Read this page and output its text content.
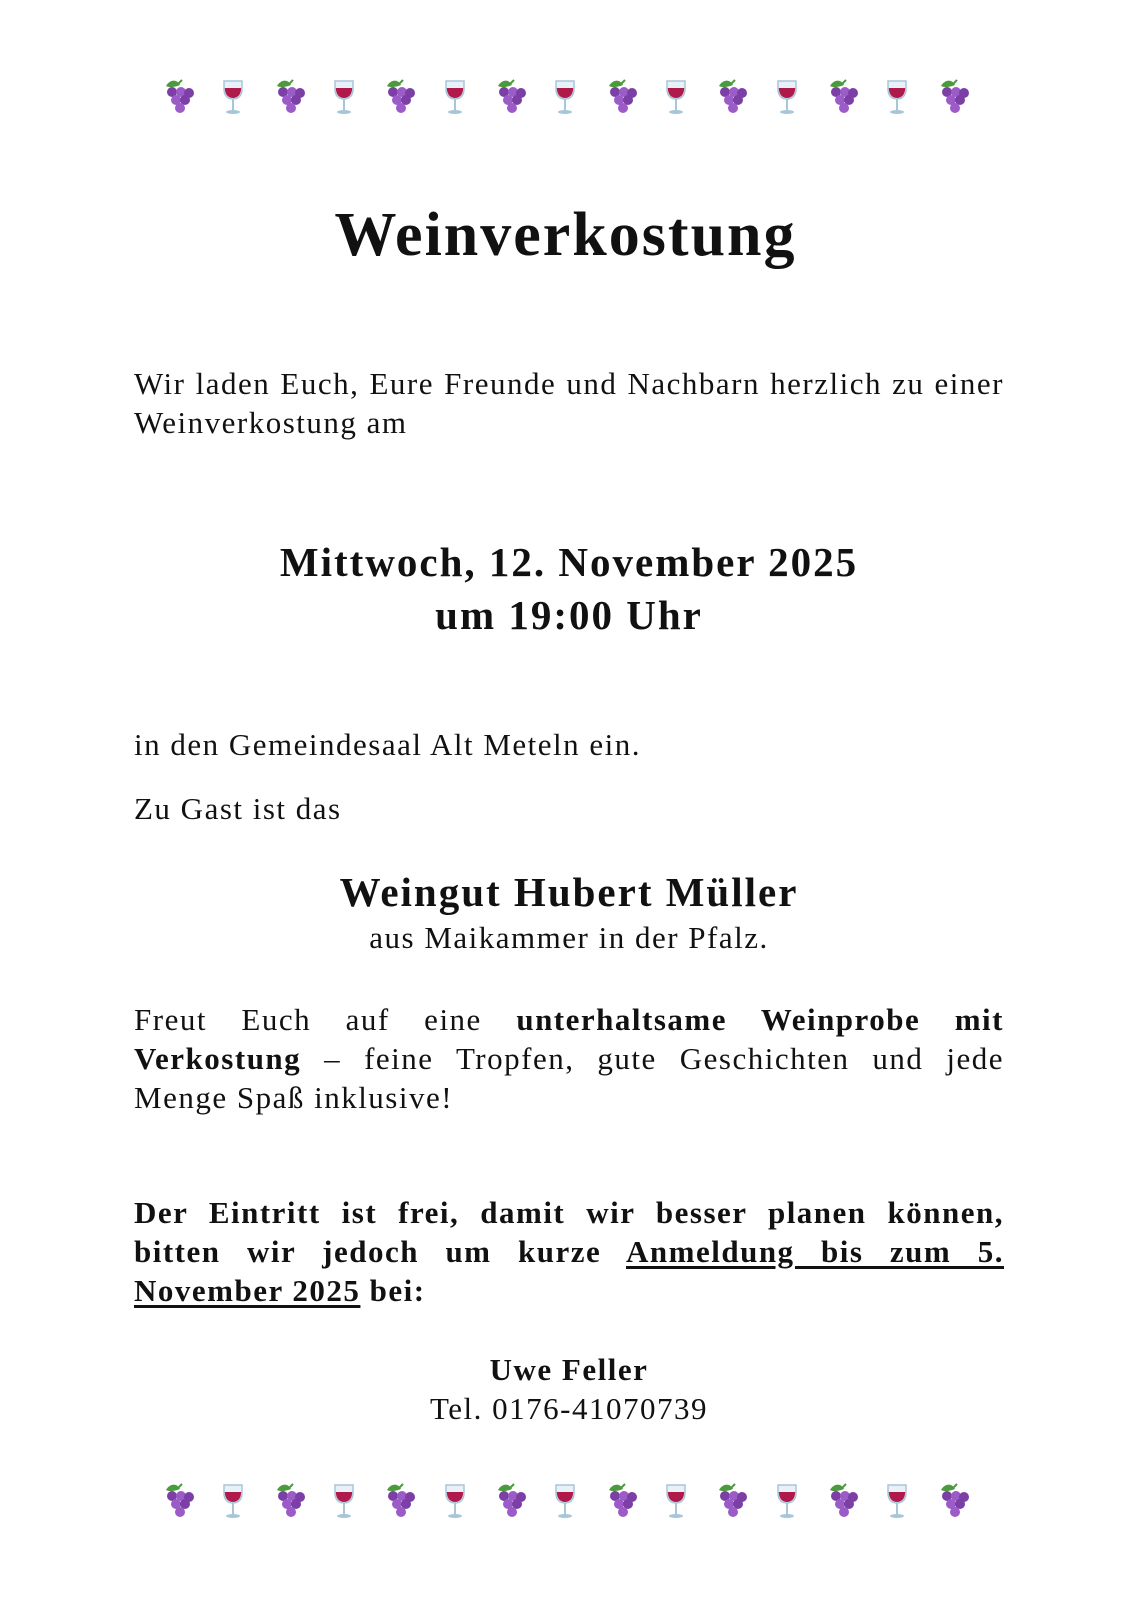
Weinverkostung

Wir laden Euch, Eure Freunde und Nachbarn herzlich zu einer Weinverkostung am

Mittwoch, 12. November 2025

um 19:00 Uhr

in den Gemeindesaal Alt Meteln ein.

Zu Gast ist das

Weingut Hubert Müller

aus Maikammer in der Pfalz.

Freut Euch auf eine unterhaltsame Weinprobe mit Verkostung – feine Tropfen, gute Geschichten und jede Menge Spaß inklusive!

Der Eintritt ist frei, damit wir besser planen können, bitten wir jedoch um kurze Anmeldung bis zum 5. November 2025 bei:

Uwe Feller

Tel. 0176-41070739
